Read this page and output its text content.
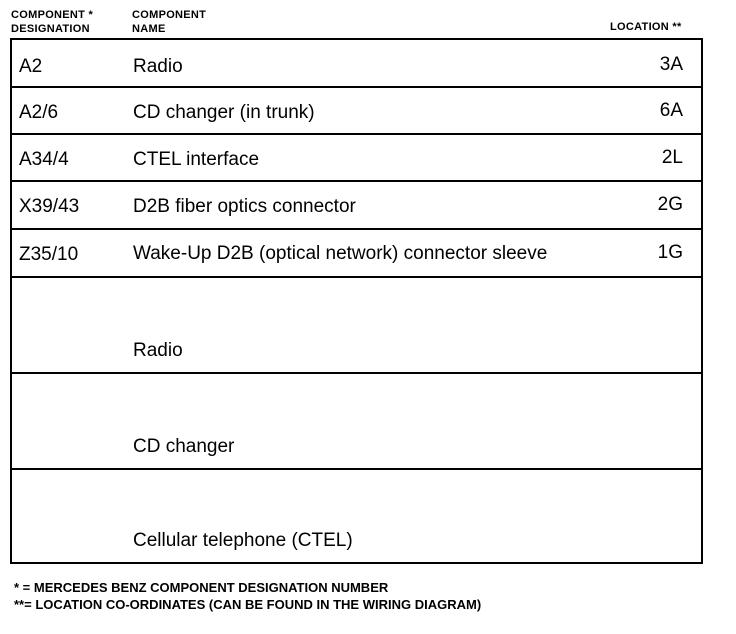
COMPONENT *
DESIGNATION
COMPONENT
NAME	LOCATION **
A2	Radio	3A
A2/6	CD changer (in trunk)	6A
A34/4	CTEL interface	2L
X39/43	D2B fiber optics connector	2G
Z35/10	Wake-Up D2B (optical network) connector sleeve	1G
Radio
CD changer
Cellular telephone (CTEL)
* = MERCEDES BENZ COMPONENT DESIGNATION NUMBER
**= LOCATION CO-ORDINATES (CAN BE FOUND IN THE WIRING DIAGRAM)
